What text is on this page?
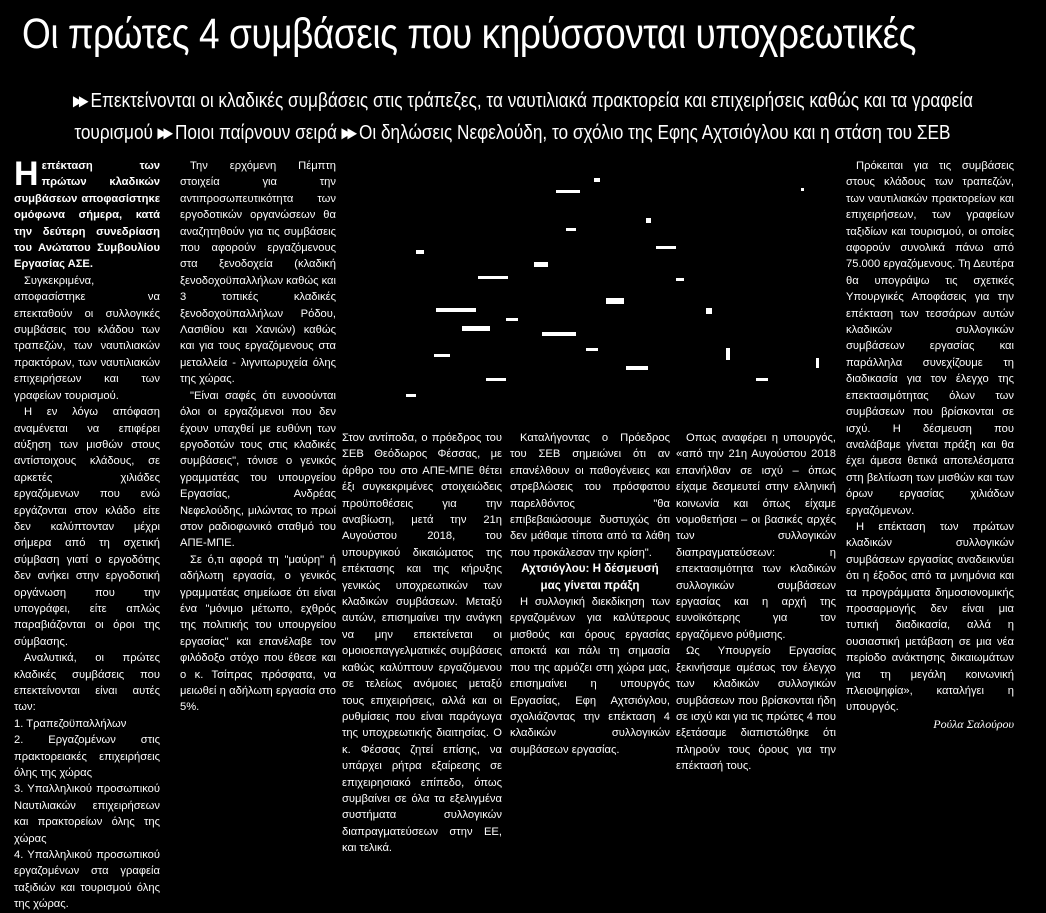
Οι πρώτες 4 συμβάσεις που κηρύσσονται υποχρεωτικές
▸▸ Επεκτείνονται οι κλαδικές συμβάσεις στις τράπεζες, τα ναυτιλιακά πρακτορεία και επιχειρήσεις καθώς και τα γραφεία
τουρισμού ▸▸ Ποιοι παίρνουν σειρά ▸▸ Οι δηλώσεις Νεφελούδη, το σχόλιο της Εφης Αχτσιόγλου και η στάση του ΣΕΒ

Ηεπέκταση των πρώτων κλαδικών συμβάσεων αποφασίστηκε ομόφωνα σήμερα, κατά την δεύτερη συνεδρίαση του Ανώτατου Συμβουλίου Εργασίας ΑΣΕ.

Συγκεκριμένα, αποφασίστηκε να επεκταθούν οι συλλογικές συμβάσεις του κλάδου των τραπεζών, των ναυτιλιακών πρακτόρων, των ναυτιλιακών επιχειρήσεων και των γραφείων τουρισμού.

Η εν λόγω απόφαση αναμένεται να επιφέρει αύξηση των μισθών στους αντίστοιχους κλάδους, σε αρκετές χιλιάδες εργαζόμενων που ενώ εργάζονται στον κλάδο είτε δεν καλύπτονταν μέχρι σήμερα από τη σχετική σύμβαση γιατί ο εργοδότης δεν ανήκει στην εργοδοτική οργάνωση που την υπογράφει, είτε απλώς παραβιάζονται οι όροι της σύμβασης.

Αναλυτικά, οι πρώτες κλαδικές συμβάσεις που επεκτείνονται είναι αυτές των:

1. Τραπεζοϋπαλλήλων

2. Εργαζομένων στις πρακτορειακές επιχειρήσεις όλης της χώρας

3. Υπαλληλικού προσωπικού Ναυτιλιακών επιχειρήσεων και πρακτορείων όλης της χώρας

4. Υπαλληλικού προσωπικού εργαζομένων στα γραφεία ταξιδιών και τουρισμού όλης της χώρας.

Την ερχόμενη Πέμπτη στοιχεία για την αντιπροσωπευτικότητα των εργοδοτικών οργανώσεων θα αναζητηθούν για τις συμβάσεις που αφορούν εργαζόμενους στα ξενοδοχεία (κλαδική ξενοδοχοϋπαλλήλων καθώς και 3 τοπικές κλαδικές ξενοδοχοϋπαλλήλων Ρόδου, Λασιθίου και Χανιών) καθώς και για τους εργαζόμενους στα μεταλλεία - λιγνιτωρυχεία όλης της χώρας.

"Είναι σαφές ότι ευνοούνται όλοι οι εργαζόμενοι που δεν έχουν υπαχθεί με ευθύνη των εργοδοτών τους στις κλαδικές συμβάσεις", τόνισε ο γενικός γραμματέας του υπουργείου Εργασίας, Ανδρέας Νεφελούδης, μιλώντας το πρωί στον ραδιοφωνικό σταθμό του ΑΠΕ-ΜΠΕ.

Σε ό,τι αφορά τη "μαύρη" ή αδήλωτη εργασία, ο γενικός γραμματέας σημείωσε ότι είναι ένα "μόνιμο μέτωπο, εχθρός της πολιτικής του υπουργείου εργασίας" και επανέλαβε τον φιλόδοξο στόχο που έθεσε και ο κ. Τσίπρας πρόσφατα, να μειωθεί η αδήλωτη εργασία στο 5%.

Στον αντίποδα, ο πρόεδρος του ΣΕΒ Θεόδωρος Φέσσας, με άρθρο του στο ΑΠΕ-ΜΠΕ θέτει έξι συγκεκριμένες στοιχειώδεις προϋποθέσεις για την αναβίωση, μετά την 21η Αυγούστου 2018, του υπουργικού δικαιώματος της επέκτασης και της κήρυξης γενικώς υποχρεωτικών των κλαδικών συμβάσεων. Μεταξύ αυτών, επισημαίνει την ανάγκη να μην επεκτείνεται οι ομοιοεπαγγελματικές συμβάσεις καθώς καλύπτουν εργαζόμενου σε τελείως ανόμοιες μεταξύ τους επιχειρήσεις, αλλά και οι ρυθμίσεις που είναι παράγωγα της υποχρεωτικής διαιτησίας. Ο κ. Φέσσας ζητεί επίσης, να υπάρχει ρήτρα εξαίρεσης σε επιχειρησιακό επίπεδο, όπως συμβαίνει σε όλα τα εξελιγμένα συστήματα συλλογικών διαπραγματεύσεων στην ΕΕ, και τελικά.

Καταλήγοντας ο Πρόεδρος του ΣΕΒ σημειώνει ότι αν επανέλθουν οι παθογένειες και στρεβλώσεις του πρόσφατου παρελθόντος "θα επιβεβαιώσουμε δυστυχώς ότι δεν μάθαμε τίποτα από τα λάθη που προκάλεσαν την κρίση".

Αχτσιόγλου: Η δέσμευσή μας γίνεται πράξη

Η συλλογική διεκδίκηση των εργαζομένων για καλύτερους μισθούς και όρους εργασίας αποκτά και πάλι τη σημασία που της αρμόζει στη χώρα μας, επισημαίνει η υπουργός Εργασίας, Εφη Αχτσιόγλου, σχολιάζοντας την επέκταση 4 κλαδικών συλλογικών συμβάσεων εργασίας.

Οπως αναφέρει η υπουργός, «από την 21η Αυγούστου 2018 επανήλθαν σε ισχύ – όπως είχαμε δεσμευτεί στην ελληνική κοινωνία και όπως είχαμε νομοθετήσει – οι βασικές αρχές των συλλογικών διαπραγματεύσεων: η επεκτασιμότητα των κλαδικών συλλογικών συμβάσεων εργασίας και η αρχή της ευνοϊκότερης για τον εργαζόμενο ρύθμισης.

Ως Υπουργείο Εργασίας ξεκινήσαμε αμέσως τον έλεγχο των κλαδικών συλλογικών συμβάσεων που βρίσκονται ήδη σε ισχύ και για τις πρώτες 4 που εξετάσαμε διαπιστώθηκε ότι πληρούν τους όρους για την επέκτασή τους.

Πρόκειται για τις συμβάσεις στους κλάδους των τραπεζών, των ναυτιλιακών πρακτορείων και επιχειρήσεων, των γραφείων ταξιδίων και τουρισμού, οι οποίες αφορούν συνολικά πάνω από 75.000 εργαζόμενους. Τη Δευτέρα θα υπογράψω τις σχετικές Υπουργικές Αποφάσεις για την επέκταση των τεσσάρων αυτών κλαδικών συλλογικών συμβάσεων εργασίας και παράλληλα συνεχίζουμε τη διαδικασία για τον έλεγχο της επεκτασιμότητας όλων των συμβάσεων που βρίσκονται σε ισχύ. Η δέσμευση που αναλάβαμε γίνεται πράξη και θα έχει άμεσα θετικά αποτελέσματα στη βελτίωση των μισθών και των όρων εργασίας χιλιάδων εργαζόμενων.

Η επέκταση των πρώτων κλαδικών συλλογικών συμβάσεων εργασίας αναδεικνύει ότι η έξοδος από τα μνημόνια και τα προγράμματα δημοσιονομικής προσαρμογής δεν είναι μια τυπική διαδικασία, αλλά η ουσιαστική μετάβαση σε μια νέα περίοδο ανάκτησης δικαιωμάτων για τη μεγάλη κοινωνική πλειοψηφία», καταλήγει η υπουργός.

Ρούλα Σαλούρου
